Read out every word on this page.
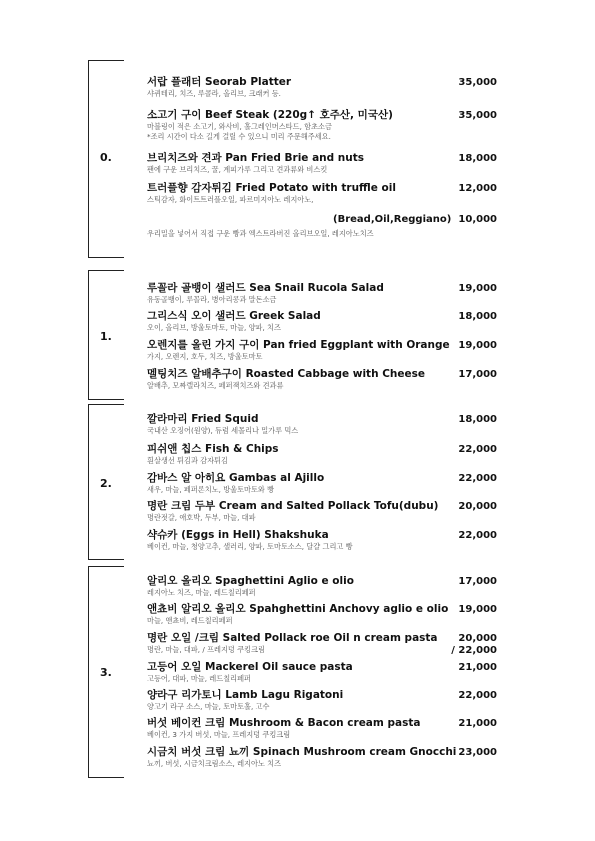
0.
서랍 플래터 Seorab Platter
샤퀴테리, 치즈, 루콜라, 올리브, 크래커 등.
35,000
소고기 구이 Beef Steak (220g↑ 호주산, 미국산)
마블링이 적은 소고기, 와사비, 홀그레인머스타드, 함초소금
*조리 시간이 다소 길게 걸릴 수 있으니 미리 주문해주세요.
35,000
브리치즈와 견과 Pan Fried Brie and nuts
팬에 구운 브리치즈, 꿀, 계피가루 그리고 견과류와 비스킷
18,000
트러플향 감자튀김 Fried Potato with truffle oil
스틱감자, 화이트트러플오일, 파르미지아노 레지아노,
12,000
(Bread,Oil,Reggiano) 10,000
우리밀을 넣어서 직접 구운 빵과 엑스트라버진 올리브오일, 레지아노치즈
1.
루꼴라 골뱅이 샐러드 Sea Snail Rucola Salad
유동골뱅이, 루꼴라, 병아리콩과 말돈소금
19,000
그리스식 오이 샐러드 Greek Salad
오이, 올리브, 방울토마토, 마늘, 양파, 치즈
18,000
오렌지를 올린 가지 구이 Pan fried Eggplant with Orange
가지, 오렌지, 호두, 치즈, 방울토마토
19,000
멜팅치즈 알배추구이 Roasted Cabbage with Cheese
알배추, 모짜렐라치즈, 페퍼잭치즈와 견과류
17,000
2.
깔라마리 Fried Squid
국내산 오징어(원양), 듀럼 세몰리나 밀가루 믹스
18,000
피쉬앤 칩스 Fish & Chips
흰살생선 튀김과 감자튀김
22,000
감바스 알 아히요 Gambas al Ajillo
새우, 마늘, 페퍼론치노, 방울토마토와 빵
22,000
명란 크림 두부 Cream and Salted Pollack Tofu(dubu)
명란젓갈, 애호박, 두부, 마늘, 대파
20,000
샥슈카 (Eggs in Hell) Shakshuka
베이컨, 마늘, 청양고추, 샐러리, 양파, 토마토소스, 달걀 그리고 빵
22,000
3.
알리오 올리오 Spaghettini Aglio e olio
레지아노 치즈, 마늘, 레드칠리페퍼
17,000
앤쵸비 알리오 올리오 Spahghettini Anchovy aglio e olio
마늘, 앤쵸비, 레드칠리페퍼
19,000
명란 오일 /크림 Salted Pollack roe Oil n cream pasta
명란, 마늘, 대파, / 프레지덩 쿠킹크림
20,000
/ 22,000
고등어 오일 Mackerel Oil sauce pasta
고등어, 대파, 마늘, 레드칠리페퍼
21,000
양라구 리가토니 Lamb Lagu Rigatoni
양고기 라구 소스, 마늘, 토마토홀, 고수
22,000
버섯 베이컨 크림 Mushroom & Bacon cream pasta
베이컨, 3 가지 버섯, 마늘, 프레지덩 쿠킹크림
21,000
시금치 버섯 크림 뇨끼 Spinach Mushroom cream Gnocchi
뇨끼, 버섯, 시금치크림소스, 레지아노 치즈
23,000
